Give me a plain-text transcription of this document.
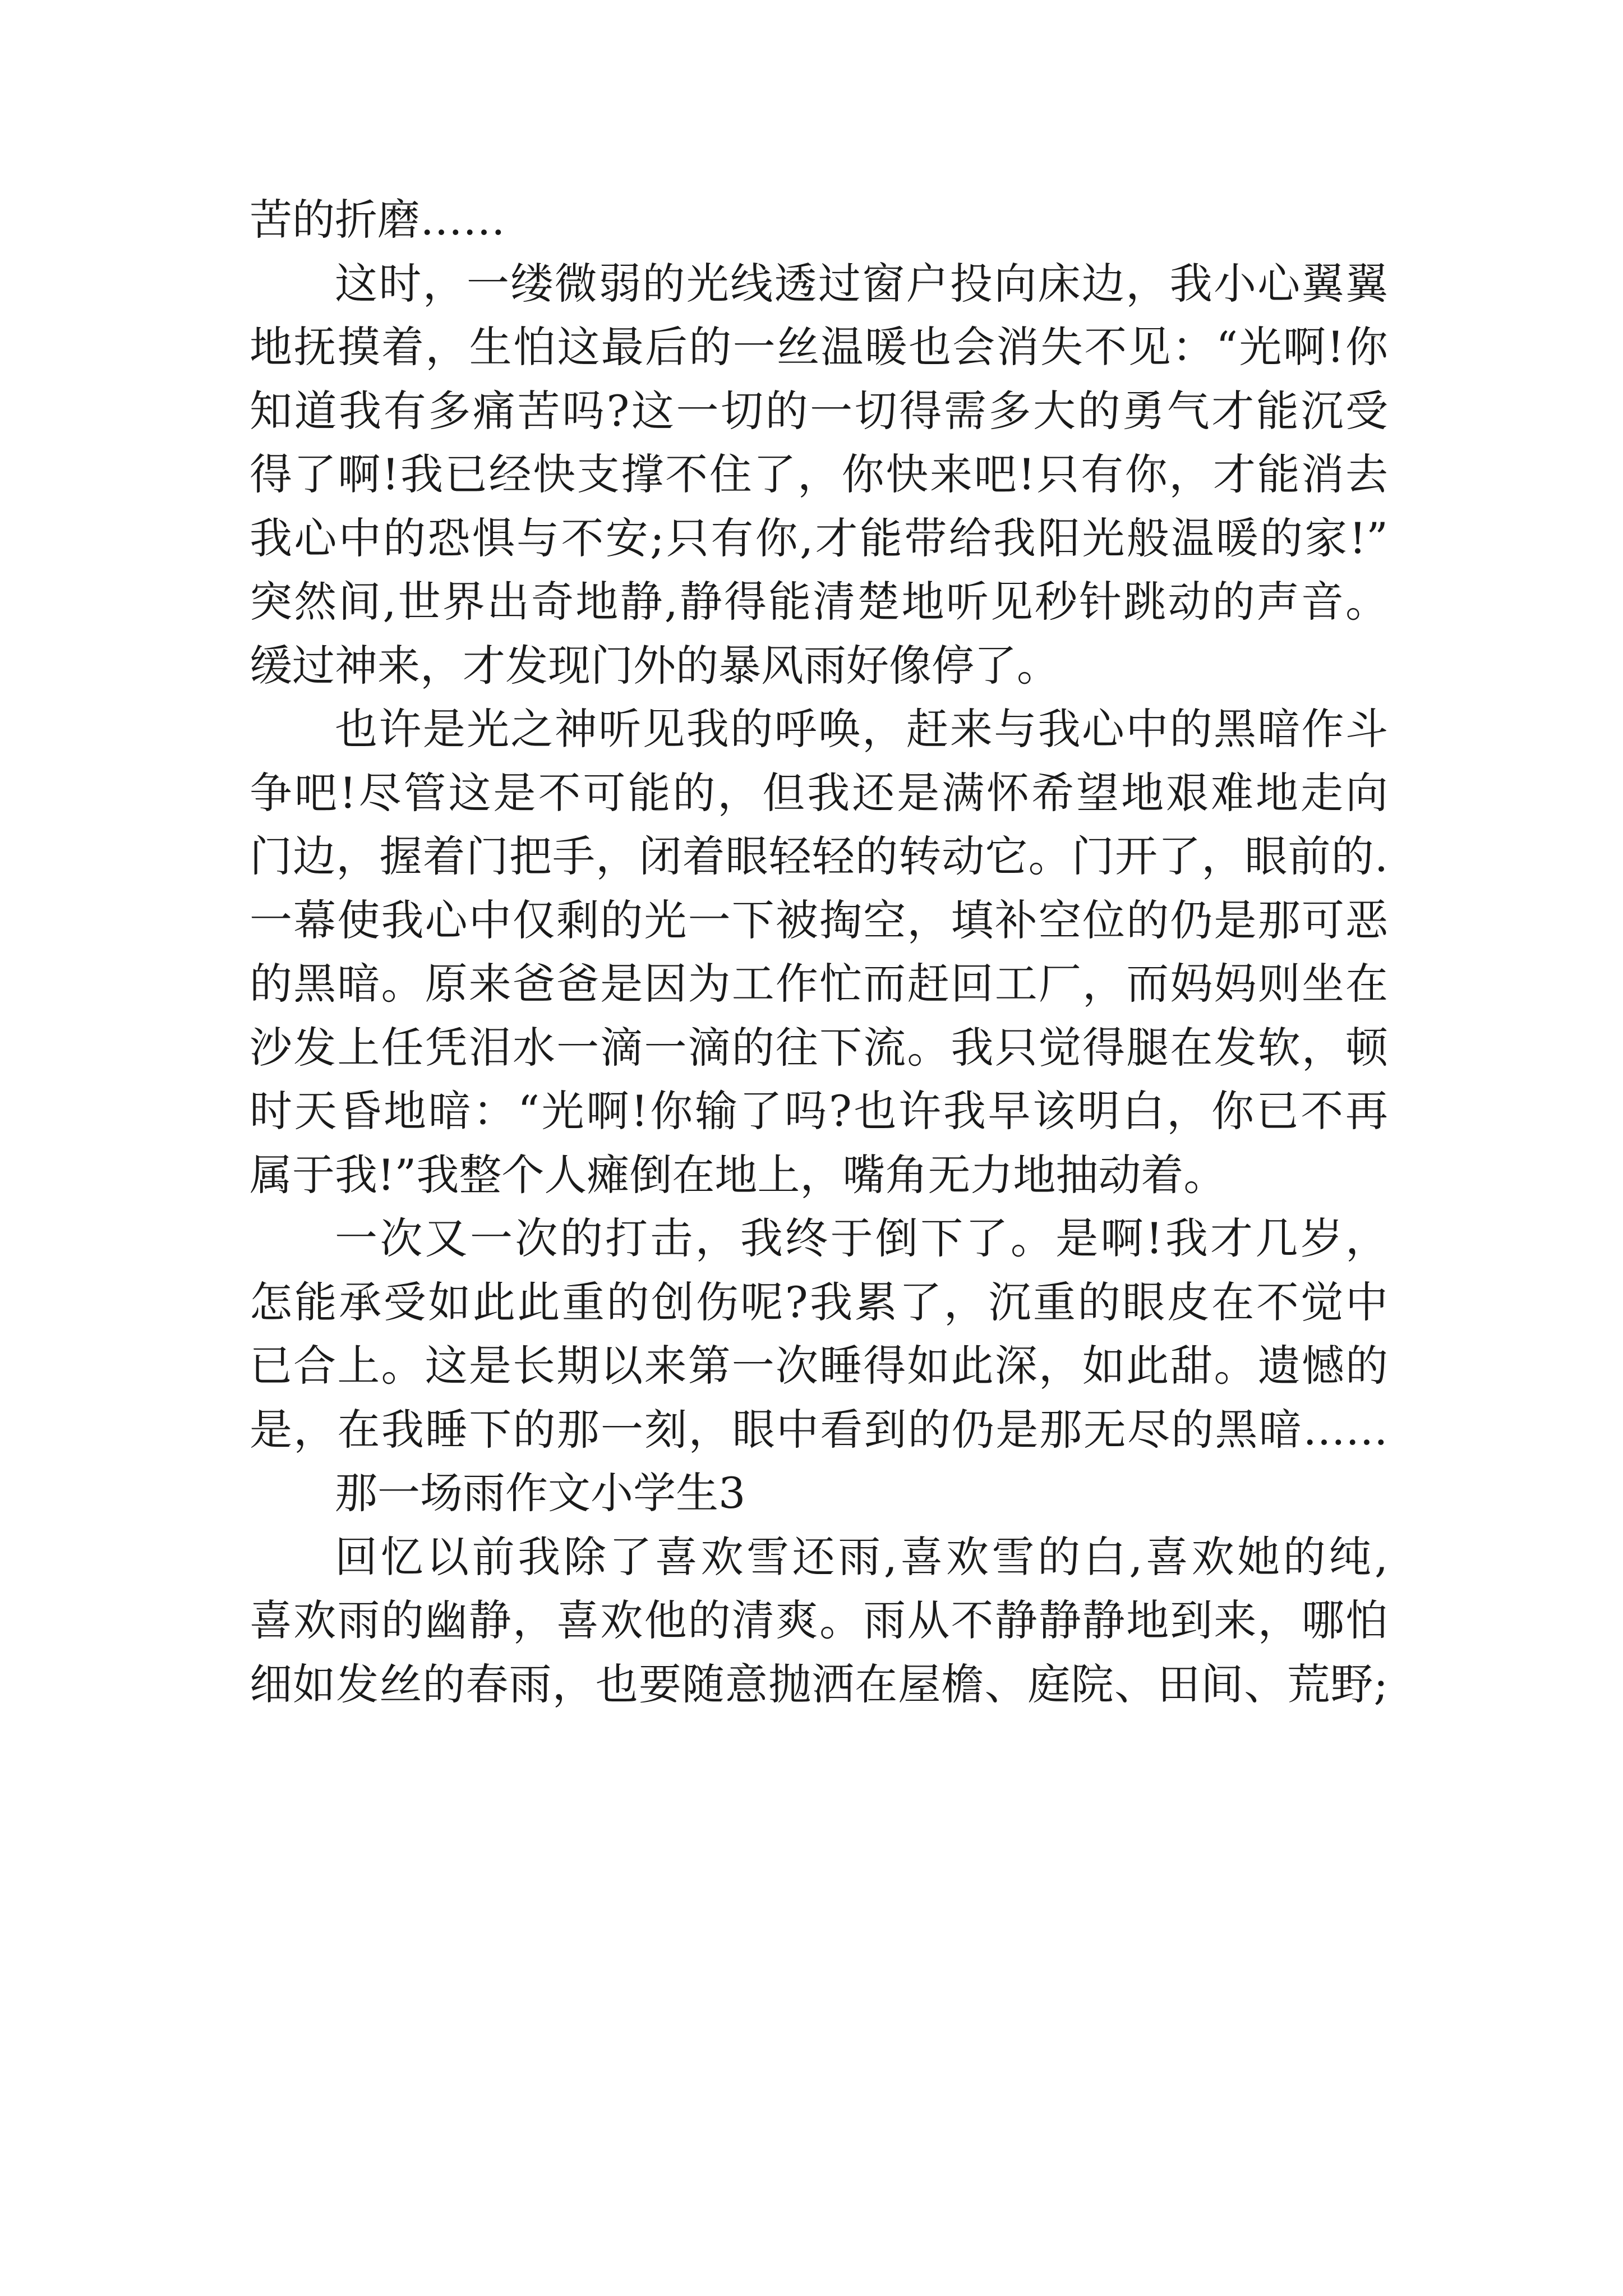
苦的折磨……
这时，一缕微弱的光线透过窗户投向床边，我小心翼翼
地抚摸着，生怕这最后的一丝温暖也会消失不见：“光啊!你
知道我有多痛苦吗?这一切的一切得需多大的勇气才能沉受
得了啊!我已经快支撑不住了，你快来吧!只有你，才能消去
我心中的恐惧与不安;只有你,才能带给我阳光般温暖的家!”
突然间,世界出奇地静,静得能清楚地听见秒针跳动的声音。
缓过神来，才发现门外的暴风雨好像停了。
也许是光之神听见我的呼唤，赶来与我心中的黑暗作斗
争吧!尽管这是不可能的，但我还是满怀希望地艰难地走向
门边，握着门把手，闭着眼轻轻的转动它。门开了，眼前的.
一幕使我心中仅剩的光一下被掏空，填补空位的仍是那可恶
的黑暗。原来爸爸是因为工作忙而赶回工厂，而妈妈则坐在
沙发上任凭泪水一滴一滴的往下流。我只觉得腿在发软，顿
时天昏地暗：“光啊!你输了吗?也许我早该明白，你已不再
属于我!”我整个人瘫倒在地上，嘴角无力地抽动着。
一次又一次的打击，我终于倒下了。是啊!我才几岁，
怎能承受如此此重的创伤呢?我累了，沉重的眼皮在不觉中
已合上。这是长期以来第一次睡得如此深，如此甜。遗憾的
是，在我睡下的那一刻，眼中看到的仍是那无尽的黑暗……
那一场雨作文小学生3
回忆以前我除了喜欢雪还雨,喜欢雪的白,喜欢她的纯,
喜欢雨的幽静，喜欢他的清爽。雨从不静静静地到来，哪怕
细如发丝的春雨，也要随意抛洒在屋檐、庭院、田间、荒野;
